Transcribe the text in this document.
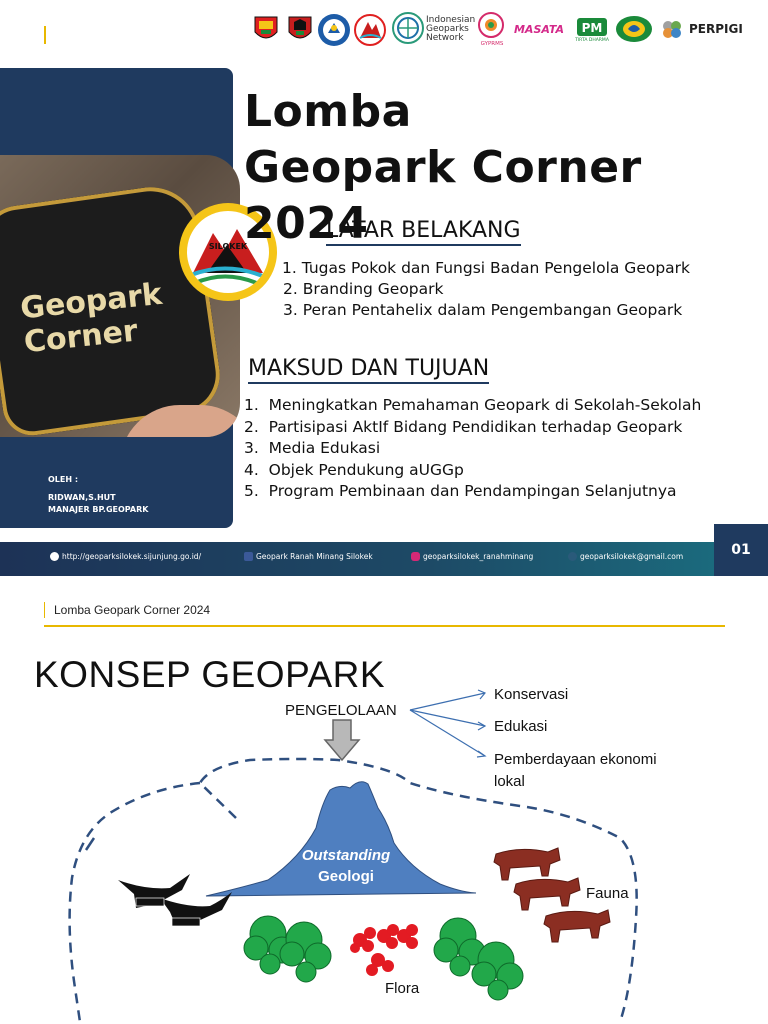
Indonesian
Geoparks
Network
GYPRMS
MASATA	PM
TIRTA DHARMA
PERPIGI
Geopark
Corner
SILOKEK
OLEH :
RIDWAN,S.HUT
MANAJER BP.GEOPARK
Lomba
Geopark Corner 2024
LATAR BELAKANG
1. Tugas Pokok dan Fungsi Badan Pengelola Geopark
2. Branding Geopark
3. Peran Pentahelix dalam Pengembangan Geopark
MAKSUD DAN TUJUAN
1.  Meningkatkan Pemahaman Geopark di Sekolah-Sekolah
2.  Partisipasi AktIf Bidang Pendidikan terhadap Geopark
3.  Media Edukasi
4.  Objek Pendukung aUGGp
5.  Program Pembinaan dan Pendampingan Selanjutnya
http://geoparksilokek.sijunjung.go.id/	Geopark Ranah Minang Silokek	geoparksilokek_ranahminang	geoparksilokek@gmail.com	01
Lomba Geopark Corner 2024
KONSEP GEOPARK
Outstanding
Geologi
PENGELOLAAN
Konservasi
Edukasi
Pemberdayaan ekonomi
lokal
Fauna
Flora
